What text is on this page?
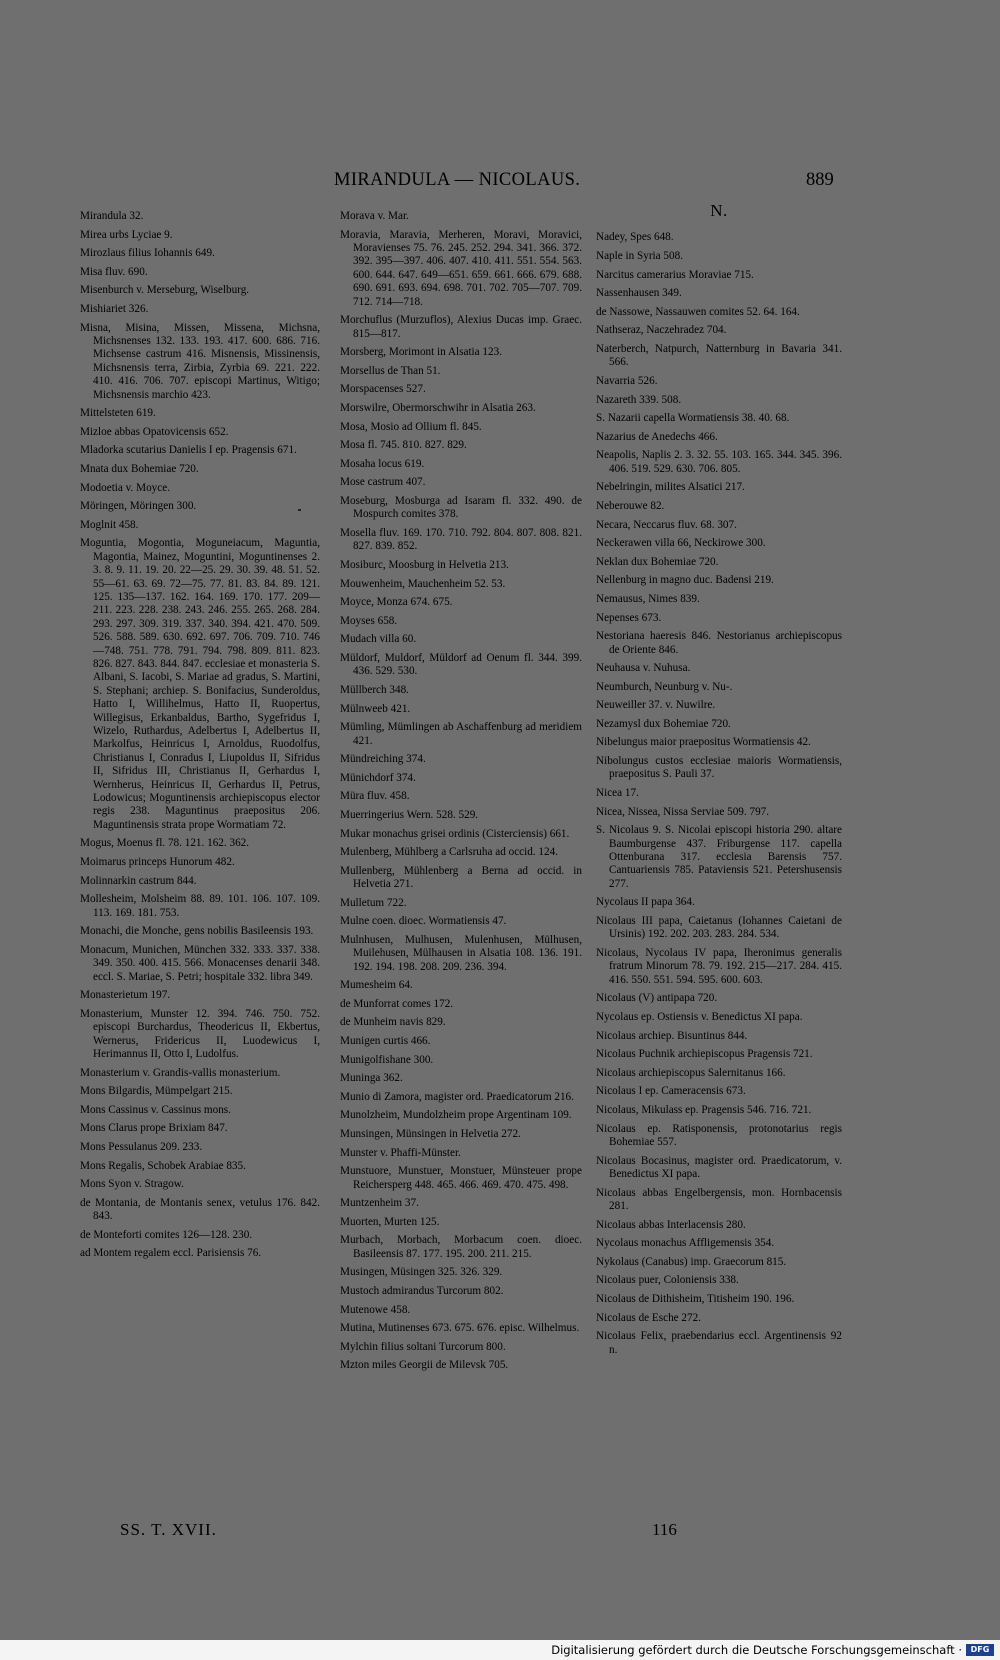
MIRANDULA — NICOLAUS.	889
Mirandula 32.
Mirea urbs Lyciae 9.
Mirozlaus filius Iohannis 649.
Misa fluv. 690.
Misenburch v. Merseburg, Wiselburg.
Mishiariet 326.
Misna, Misina, Missen, Missena, Michsna, Michsnenses 132. 133. 193. 417. 600. 686. 716. Michsense castrum 416. Misnensis, Missinensis, Michsnensis terra, Zirbia, Zyrbia 69. 221. 222. 410. 416. 706. 707. episcopi Martinus, Witigo; Michsnensis marchio 423.
Mittelsteten 619.
Mizloe abbas Opatovicensis 652.
Mladorka scutarius Danielis I ep. Pragensis 671.
Mnata dux Bohemiae 720.
Modoetia v. Moyce.
Möringen, Möringen 300.
Moglnit 458.
Moguntia, Mogontia, Moguneiacum, Maguntia, Magontia, Mainez, Moguntini, Moguntinenses 2. 3. 8. 9. 11. 19. 20. 22—25. 29. 30. 39. 48. 51. 52. 55—61. 63. 69. 72—75. 77. 81. 83. 84. 89. 121. 125. 135—137. 162. 164. 169. 170. 177. 209—211. 223. 228. 238. 243. 246. 255. 265. 268. 284. 293. 297. 309. 319. 337. 340. 394. 421. 470. 509. 526. 588. 589. 630. 692. 697. 706. 709. 710. 746—748. 751. 778. 791. 794. 798. 809. 811. 823. 826. 827. 843. 844. 847. ecclesiae et monasteria S. Albani, S. Iacobi, S. Mariae ad gradus, S. Martini, S. Stephani; archiep. S. Bonifacius, Sunderoldus, Hatto I, Willihelmus, Hatto II, Ruopertus, Willegisus, Erkanbaldus, Bartho, Sygefridus I, Wizelo, Ruthardus, Adelbertus I, Adelbertus II, Markolfus, Heinricus I, Arnoldus, Ruodolfus, Christianus I, Conradus I, Liupoldus II, Sifridus II, Sifridus III, Christianus II, Gerhardus I, Wernherus, Heinricus II, Gerhardus II, Petrus, Lodowicus; Moguntinensis archiepiscopus elector regis 238. Maguntinus praepositus 206. Maguntinensis strata prope Wormatiam 72.
Mogus, Moenus fl. 78. 121. 162. 362.
Moimarus princeps Hunorum 482.
Molinnarkin castrum 844.
Mollesheim, Molsheim 88. 89. 101. 106. 107. 109. 113. 169. 181. 753.
Monachi, die Monche, gens nobilis Basileensis 193.
Monacum, Munichen, München 332. 333. 337. 338. 349. 350. 400. 415. 566. Monacenses denarii 348. eccl. S. Mariae, S. Petri; hospitale 332. libra 349.
Monasterietum 197.
Monasterium, Munster 12. 394. 746. 750. 752. episcopi Burchardus, Theodericus II, Ekbertus, Wernerus, Fridericus II, Luodewicus I, Herimannus II, Otto I, Ludolfus.
Monasterium v. Grandis-vallis monasterium.
Mons Bilgardis, Mümpelgart 215.
Mons Cassinus v. Cassinus mons.
Mons Clarus prope Brixiam 847.
Mons Pessulanus 209. 233.
Mons Regalis, Schobek Arabiae 835.
Mons Syon v. Stragow.
de Montania, de Montanis senex, vetulus 176. 842. 843.
de Monteforti comites 126—128. 230.
ad Montem regalem eccl. Parisiensis 76.
Morava v. Mar.
Moravia, Maravia, Merheren, Moravi, Moravici, Moravienses 75. 76. 245. 252. 294. 341. 366. 372. 392. 395—397. 406. 407. 410. 411. 551. 554. 563. 600. 644. 647. 649—651. 659. 661. 666. 679. 688. 690. 691. 693. 694. 698. 701. 702. 705—707. 709. 712. 714—718.
Morchuflus (Murzuflos), Alexius Ducas imp. Graec. 815—817.
Morsberg, Morimont in Alsatia 123.
Morsellus de Than 51.
Morspacenses 527.
Morswilre, Obermorschwihr in Alsatia 263.
Mosa, Mosio ad Ollium fl. 845.
Mosa fl. 745. 810. 827. 829.
Mosaha locus 619.
Mose castrum 407.
Moseburg, Mosburga ad Isaram fl. 332. 490. de Mospurch comites 378.
Mosella fluv. 169. 170. 710. 792. 804. 807. 808. 821. 827. 839. 852.
Mosiburc, Moosburg in Helvetia 213.
Mouwenheim, Mauchenheim 52. 53.
Moyce, Monza 674. 675.
Moyses 658.
Mudach villa 60.
Müldorf, Muldorf, Müldorf ad Oenum fl. 344. 399. 436. 529. 530.
Müllberch 348.
Mülnweeb 421.
Mümling, Mümlingen ab Aschaffenburg ad meridiem 421.
Mündreiching 374.
Münichdorf 374.
Müra fluv. 458.
Muerringerius Wern. 528. 529.
Mukar monachus grisei ordinis (Cisterciensis) 661.
Mulenberg, Mühlberg a Carlsruha ad occid. 124.
Mullenberg, Mühlenberg a Berna ad occid. in Helvetia 271.
Mulletum 722.
Mulne coen. dioec. Wormatiensis 47.
Mulnhusen, Mulhusen, Mulenhusen, Mülhusen, Muilehusen, Mülhausen in Alsatia 108. 136. 191. 192. 194. 198. 208. 209. 236. 394.
Mumesheim 64.
de Munforrat comes 172.
de Munheim navis 829.
Munigen curtis 466.
Munigolfishane 300.
Muninga 362.
Munio di Zamora, magister ord. Praedicatorum 216.
Munolzheim, Mundolzheim prope Argentinam 109.
Munsingen, Münsingen in Helvetia 272.
Munster v. Phaffi-Münster.
Munstuore, Munstuer, Monstuer, Münsteuer prope Reichersperg 448. 465. 466. 469. 470. 475. 498.
Muntzenheim 37.
Muorten, Murten 125.
Murbach, Morbach, Morbacum coen. dioec. Basileensis 87. 177. 195. 200. 211. 215.
Musingen, Müsingen 325. 326. 329.
Mustoch admirandus Turcorum 802.
Mutenowe 458.
Mutina, Mutinenses 673. 675. 676. episc. Wilhelmus.
Mylchin filius soltani Turcorum 800.
Mzton miles Georgii de Milevsk 705.
N.
Nadey, Spes 648.
Naple in Syria 508.
Narcitus camerarius Moraviae 715.
Nassenhausen 349.
de Nassowe, Nassauwen comites 52. 64. 164.
Nathseraz, Naczehradez 704.
Naterberch, Natpurch, Natternburg in Bavaria 341. 566.
Navarria 526.
Nazareth 339. 508.
S. Nazarii capella Wormatiensis 38. 40. 68.
Nazarius de Anedechs 466.
Neapolis, Naplis 2. 3. 32. 55. 103. 165. 344. 345. 396. 406. 519. 529. 630. 706. 805.
Nebelringin, milites Alsatici 217.
Neberouwe 82.
Necara, Neccarus fluv. 68. 307.
Neckerawen villa 66, Neckirowe 300.
Neklan dux Bohemiae 720.
Nellenburg in magno duc. Badensi 219.
Nemausus, Nimes 839.
Nepenses 673.
Nestoriana haeresis 846. Nestorianus archiepiscopus de Oriente 846.
Neuhausa v. Nuhusa.
Neumburch, Neunburg v. Nu-.
Neuweiller 37. v. Nuwilre.
Nezamysl dux Bohemiae 720.
Nibelungus maior praepositus Wormatiensis 42.
Nibolungus custos ecclesiae maioris Wormatiensis, praepositus S. Pauli 37.
Nicea 17.
Nicea, Nissea, Nissa Serviae 509. 797.
S. Nicolaus 9. S. Nicolai episcopi historia 290. altare Baumburgense 437. Friburgense 117. capella Ottenburana 317. ecclesia Barensis 757. Cantuariensis 785. Pataviensis 521. Petershusensis 277.
Nycolaus II papa 364.
Nicolaus III papa, Caietanus (Iohannes Caietani de Ursinis) 192. 202. 203. 283. 284. 534.
Nicolaus, Nycolaus IV papa, Iheronimus generalis fratrum Minorum 78. 79. 192. 215—217. 284. 415. 416. 550. 551. 594. 595. 600. 603.
Nicolaus (V) antipapa 720.
Nycolaus ep. Ostiensis v. Benedictus XI papa.
Nicolaus archiep. Bisuntinus 844.
Nicolaus Puchnik archiepiscopus Pragensis 721.
Nicolaus archiepiscopus Salernitanus 166.
Nicolaus I ep. Cameracensis 673.
Nicolaus, Mikulass ep. Pragensis 546. 716. 721.
Nicolaus ep. Ratisponensis, protonotarius regis Bohemiae 557.
Nicolaus Bocasinus, magister ord. Praedicatorum, v. Benedictus XI papa.
Nicolaus abbas Engelbergensis, mon. Hornbacensis 281.
Nicolaus abbas Interlacensis 280.
Nycolaus monachus Affligemensis 354.
Nykolaus (Canabus) imp. Graecorum 815.
Nicolaus puer, Coloniensis 338.
Nicolaus de Dithisheim, Titisheim 190. 196.
Nicolaus de Esche 272.
Nicolaus Felix, praebendarius eccl. Argentinensis 92 n.
SS. T. XVII.	116
Digitalisierung gefördert durch die Deutsche Forschungsgemeinschaft ·	DFG
